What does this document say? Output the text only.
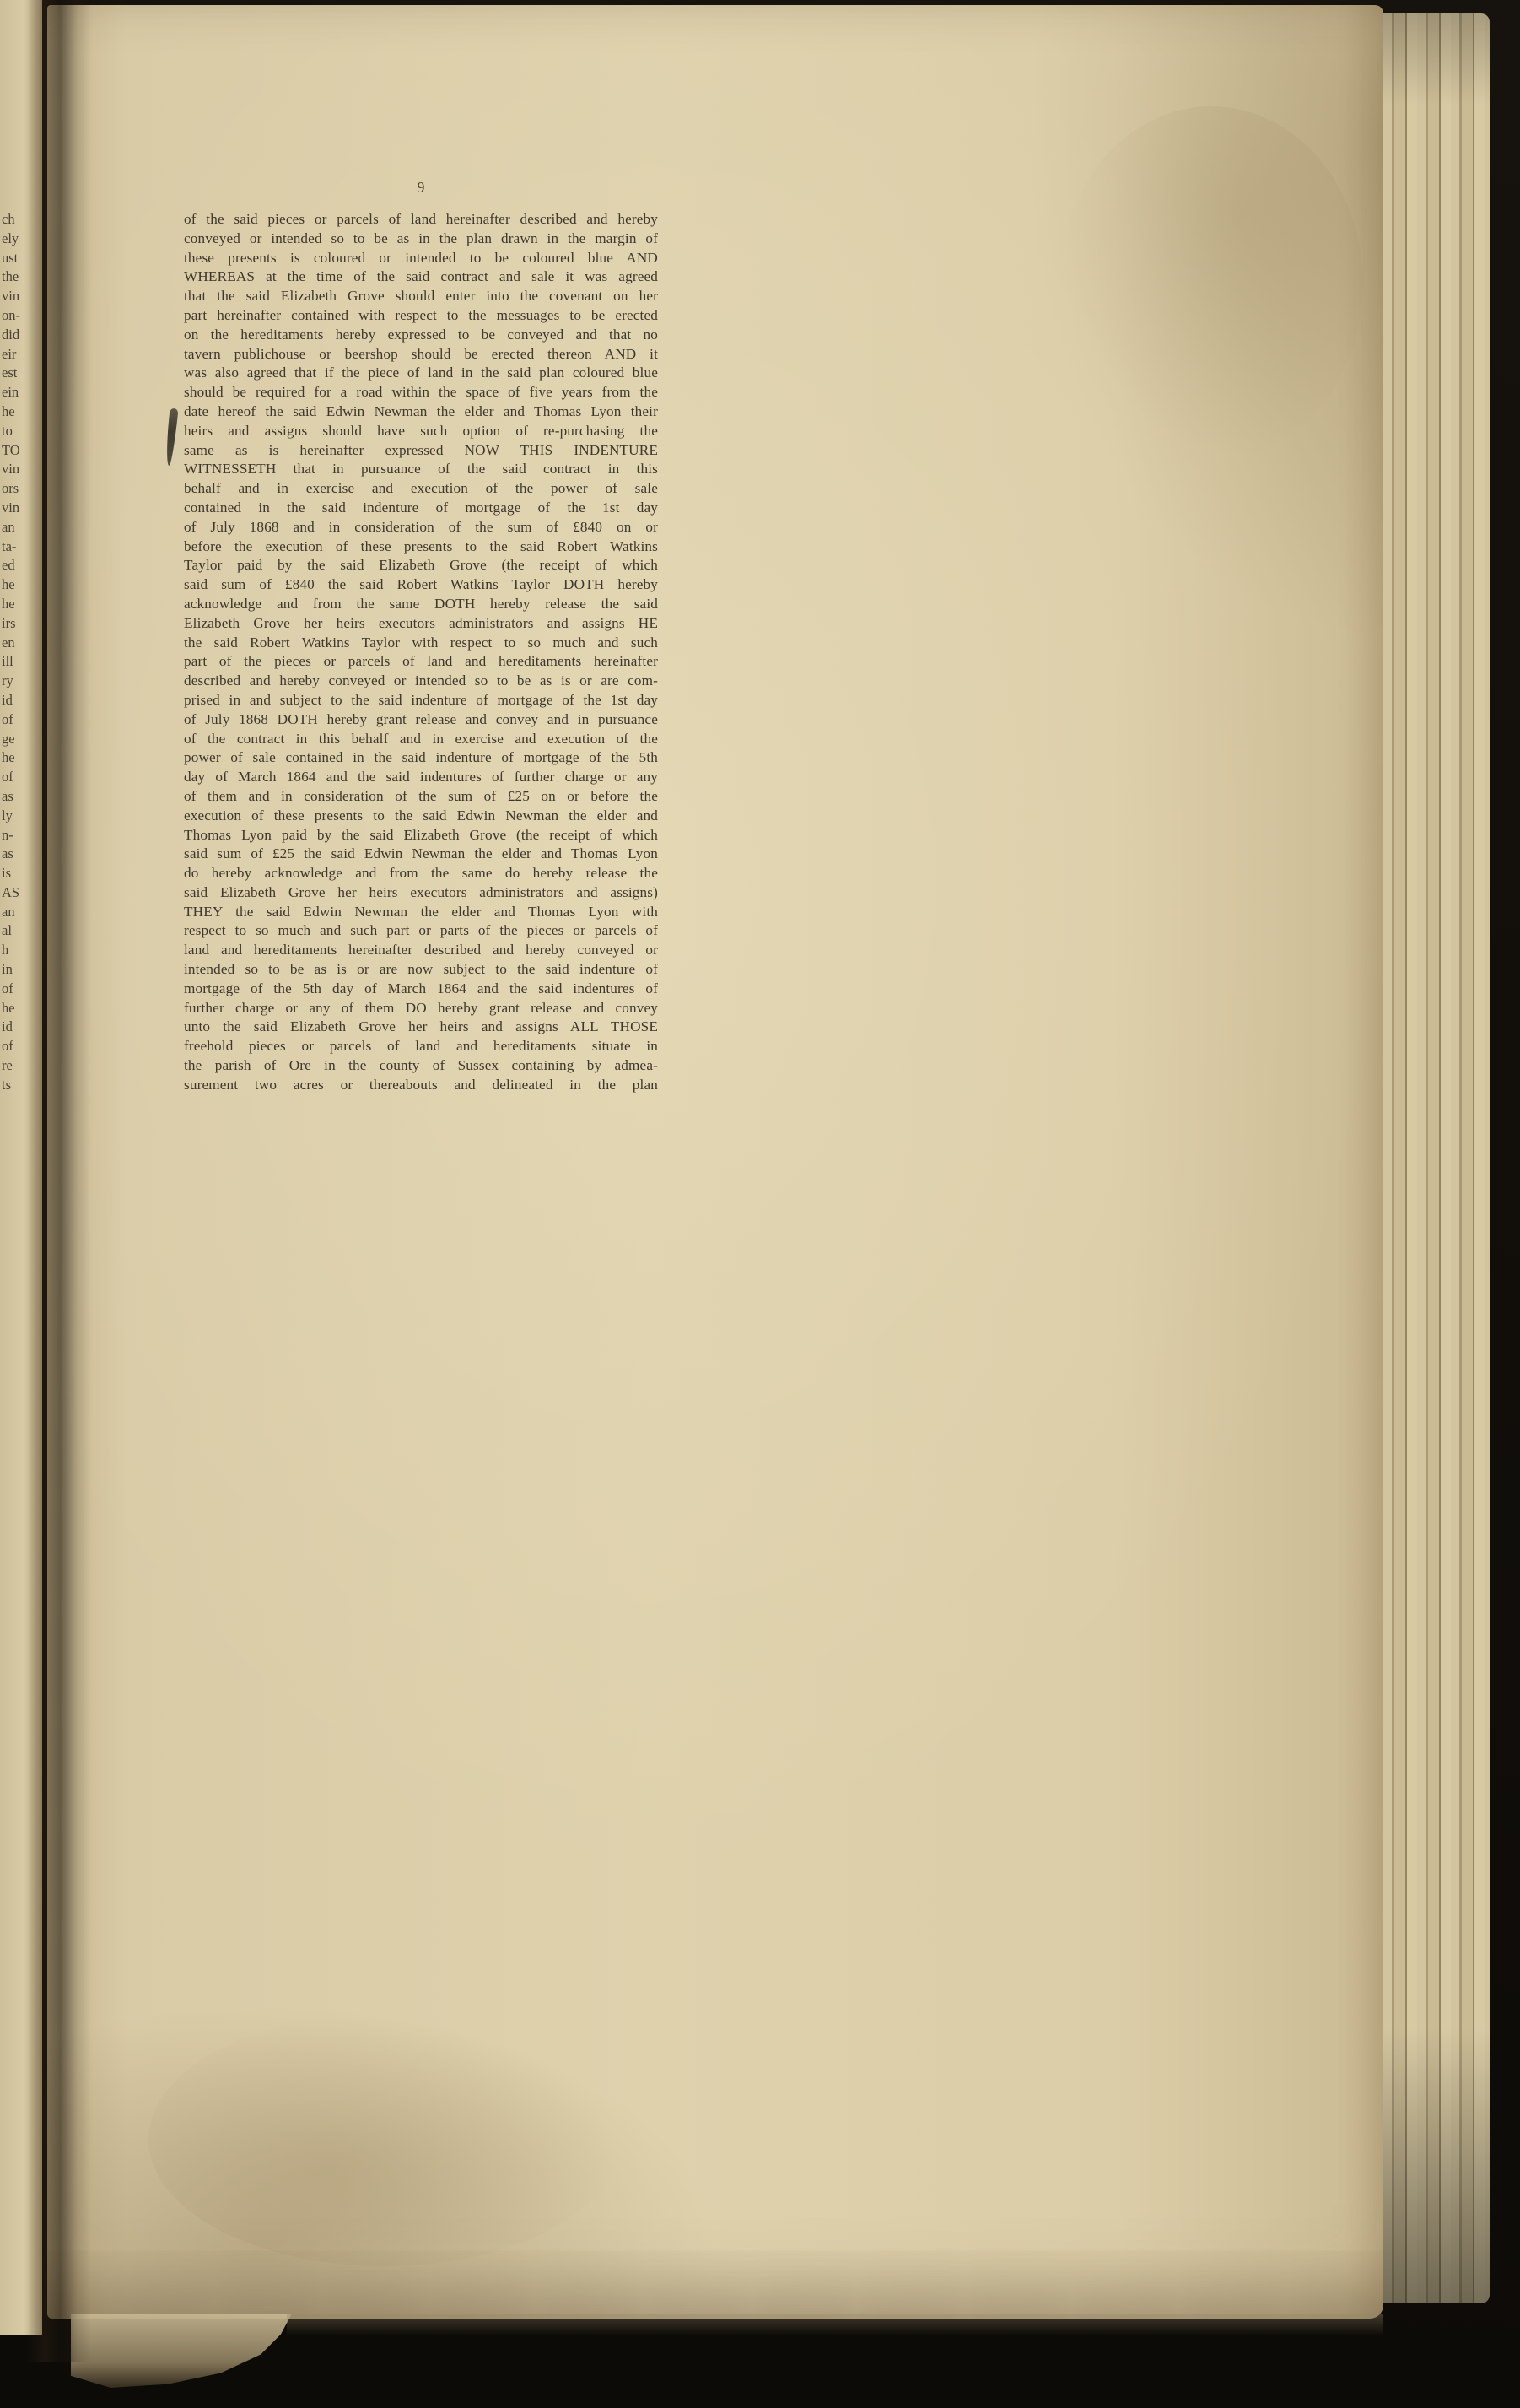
ch
ely
ust
the
vin
on-
did
eir
est
ein
he
to
TO
vin
ors
vin
an
ta-
ed
he
he
irs
en
ill
ry
id
of
ge
he
of
as
ly
n-
as
is
AS
an
al
h
in
of
he
id
of
re
ts
9
of the said pieces or parcels of land hereinafter described and hereby
conveyed or intended so to be as in the plan drawn in the margin of
these presents is coloured or intended to be coloured blue AND
WHEREAS at the time of the said contract and sale it was agreed
that the said Elizabeth Grove should enter into the covenant on her
part hereinafter contained with respect to the messuages to be erected
on the hereditaments hereby expressed to be conveyed and that no
tavern publichouse or beershop should be erected thereon AND it
was also agreed that if the piece of land in the said plan coloured blue
should be required for a road within the space of five years from the
date hereof the said Edwin Newman the elder and Thomas Lyon their
heirs and assigns should have such option of re-purchasing the
same as is hereinafter expressed NOW THIS INDENTURE
WITNESSETH that in pursuance of the said contract in this
behalf and in exercise and execution of the power of sale
contained in the said indenture of mortgage of the 1st day
of July 1868 and in consideration of the sum of £840 on or
before the execution of these presents to the said Robert Watkins
Taylor paid by the said Elizabeth Grove (the receipt of which
said sum of £840 the said Robert Watkins Taylor DOTH hereby
acknowledge and from the same DOTH hereby release the said
Elizabeth Grove her heirs executors administrators and assigns HE
the said Robert Watkins Taylor with respect to so much and such
part of the pieces or parcels of land and hereditaments hereinafter
described and hereby conveyed or intended so to be as is or are com-
prised in and subject to the said indenture of mortgage of the 1st day
of July 1868 DOTH hereby grant release and convey and in pursuance
of the contract in this behalf and in exercise and execution of the
power of sale contained in the said indenture of mortgage of the 5th
day of March 1864 and the said indentures of further charge or any
of them and in consideration of the sum of £25 on or before the
execution of these presents to the said Edwin Newman the elder and
Thomas Lyon paid by the said Elizabeth Grove (the receipt of which
said sum of £25 the said Edwin Newman the elder and Thomas Lyon
do hereby acknowledge and from the same do hereby release the
said Elizabeth Grove her heirs executors administrators and assigns)
THEY the said Edwin Newman the elder and Thomas Lyon with
respect to so much and such part or parts of the pieces or parcels of
land and hereditaments hereinafter described and hereby conveyed or
intended so to be as is or are now subject to the said indenture of
mortgage of the 5th day of March 1864 and the said indentures of
further charge or any of them DO hereby grant release and convey
unto the said Elizabeth Grove her heirs and assigns ALL THOSE
freehold pieces or parcels of land and hereditaments situate in
the parish of Ore in the county of Sussex containing by admea-
surement two acres or thereabouts and delineated in the plan
